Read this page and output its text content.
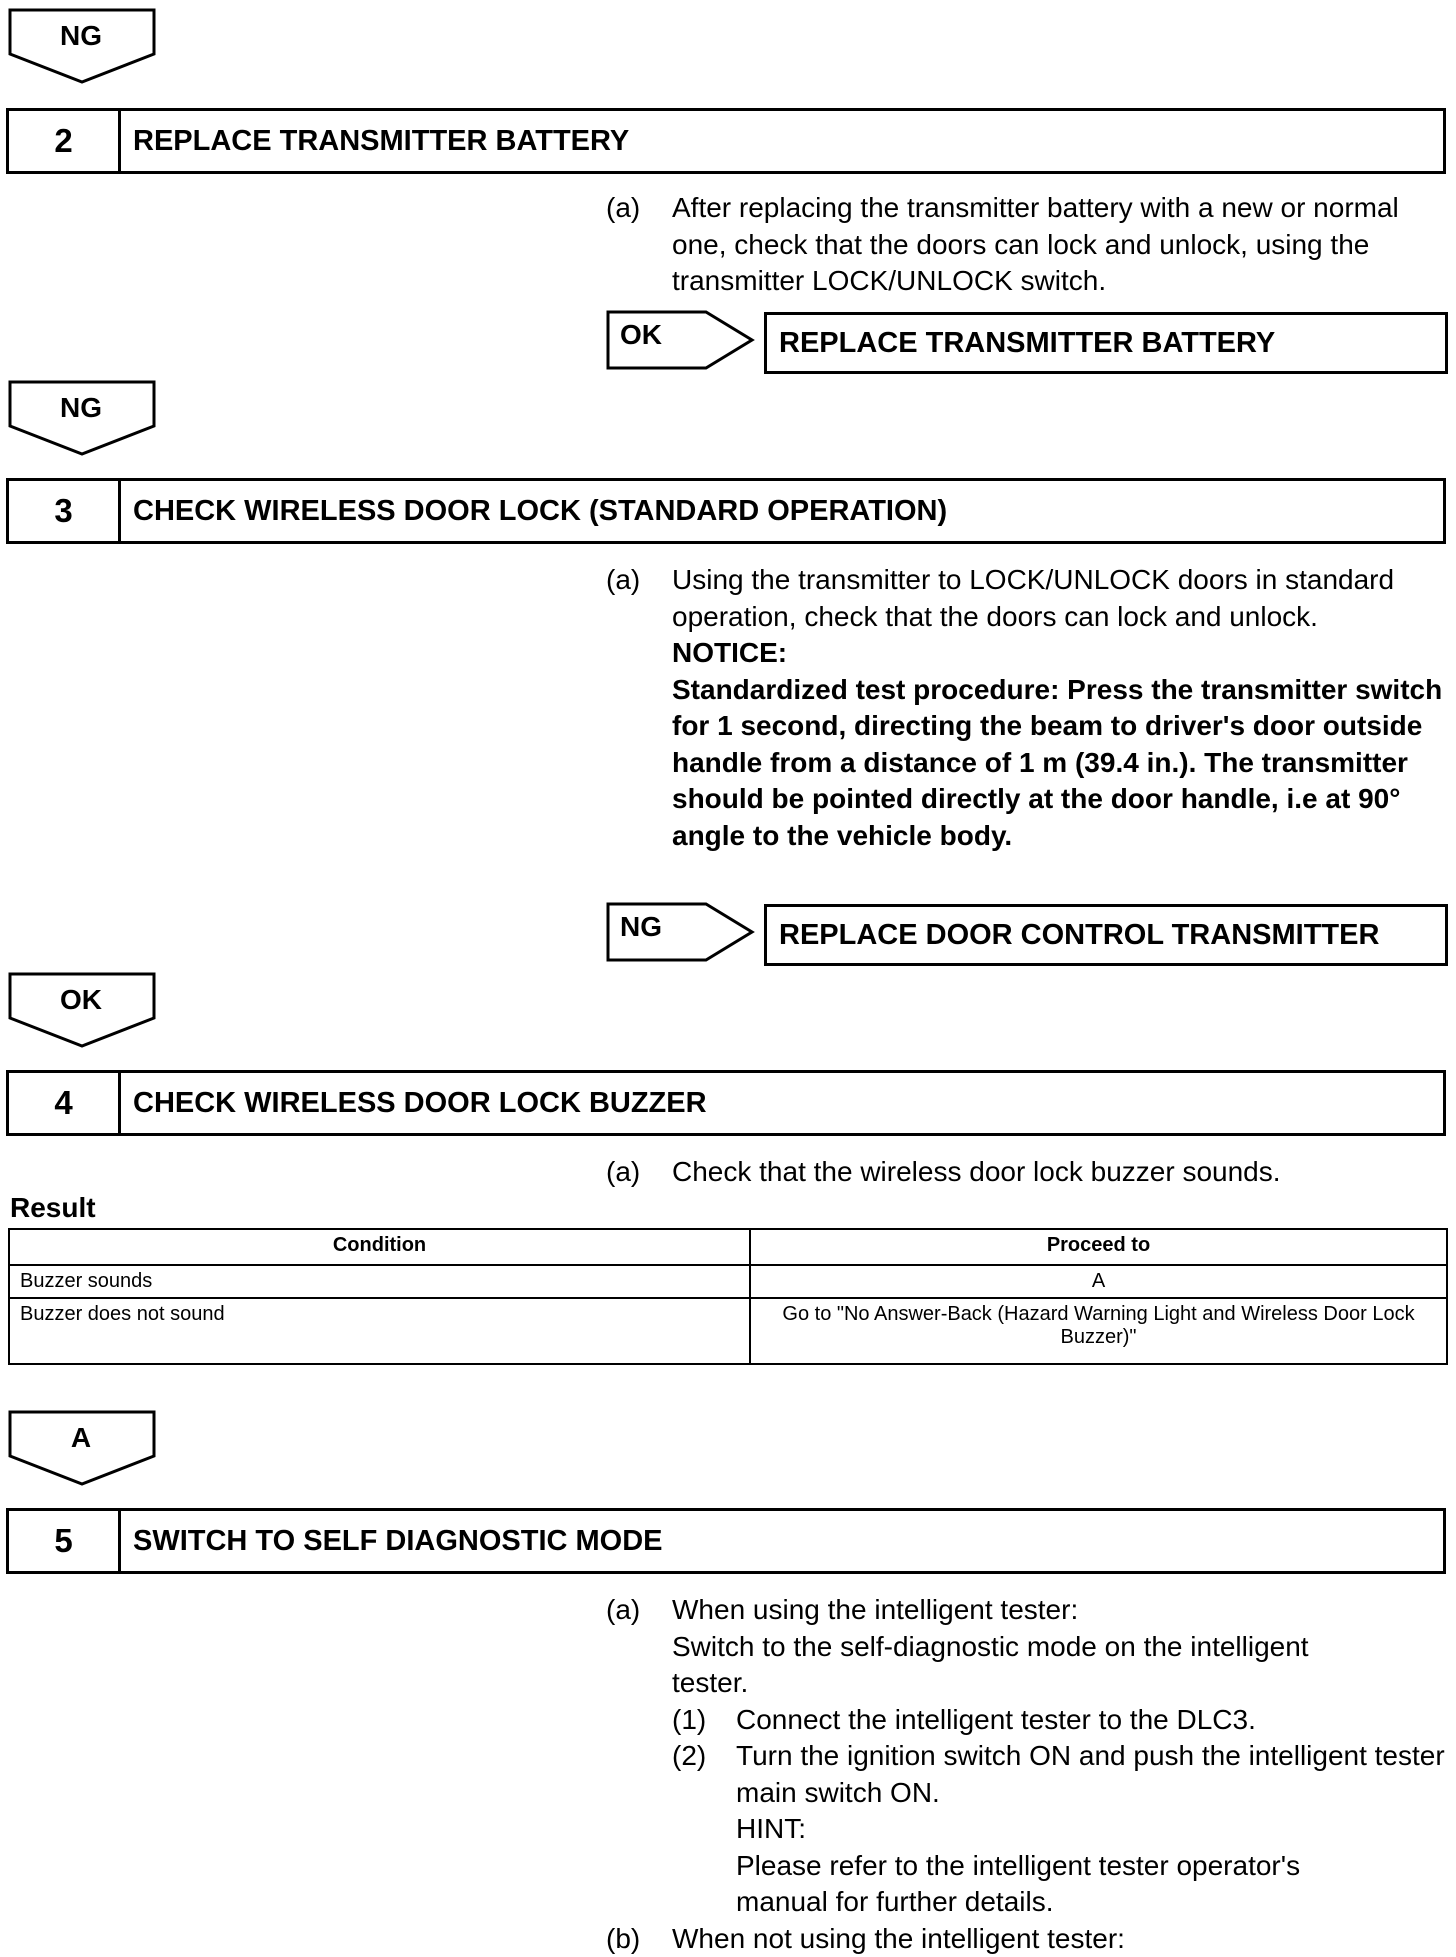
NG
2	REPLACE TRANSMITTER BATTERY
(a) After replacing the transmitter battery with a new or normal one, check that the doors can lock and unlock, using the transmitter LOCK/UNLOCK switch.
OK	REPLACE TRANSMITTER BATTERY
NG
3	CHECK WIRELESS DOOR LOCK (STANDARD OPERATION)
(a) Using the transmitter to LOCK/UNLOCK doors in standard operation, check that the doors can lock and unlock.
NOTICE:
Standardized test procedure: Press the transmitter switch for 1 second, directing the beam to driver's door outside handle from a distance of 1 m (39.4 in.). The transmitter should be pointed directly at the door handle, i.e at 90° angle to the vehicle body.
NG	REPLACE DOOR CONTROL TRANSMITTER
OK
4	CHECK WIRELESS DOOR LOCK BUZZER
(a) Check that the wireless door lock buzzer sounds.
Result
Condition	Proceed to
Buzzer sounds	A
Buzzer does not sound	Go to "No Answer-Back (Hazard Warning Light and Wireless Door Lock Buzzer)"
A
5	SWITCH TO SELF DIAGNOSTIC MODE
(a) When using the intelligent tester:
Switch to the self-diagnostic mode on the intelligent tester.
(1) Connect the intelligent tester to the DLC3.
(2) Turn the ignition switch ON and push the intelligent tester main switch ON.
HINT:
Please refer to the intelligent tester operator's manual for further details.
(b) When not using the intelligent tester:
